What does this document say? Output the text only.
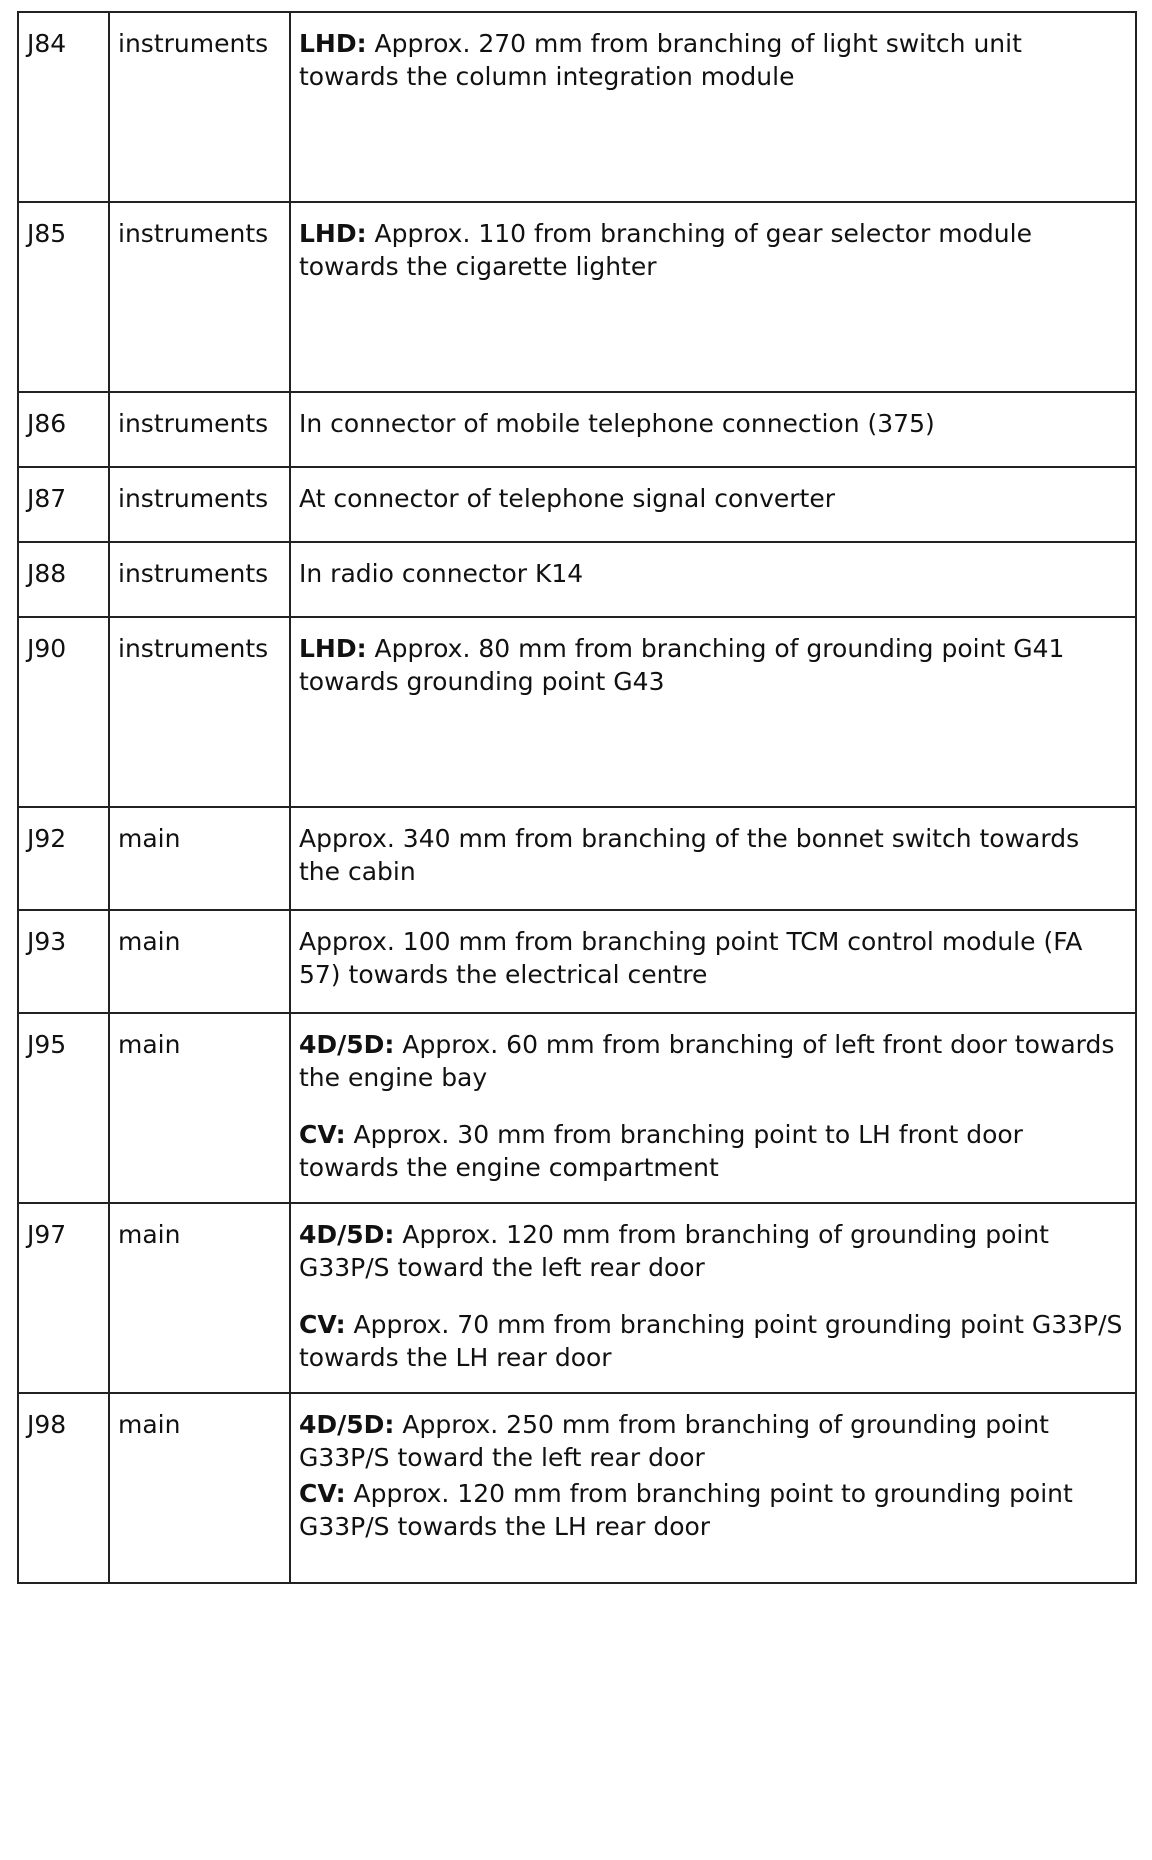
J84	instruments	LHD: Approx. 270 mm from branching of light switch unit towards the column integration module

J85	instruments	LHD: Approx. 110 from branching of gear selector module towards the cigarette lighter

J86	instruments	In connector of mobile telephone connection (375)

J87	instruments	At connector of telephone signal converter

J88	instruments	In radio connector K14

J90	instruments	LHD: Approx. 80 mm from branching of grounding point G41 towards grounding point G43

J92	main	Approx. 340 mm from branching of the bonnet switch towards the cabin

J93	main	Approx. 100 mm from branching point TCM control module (FA 57) towards the electrical centre

J95	main	4D/5D: Approx. 60 mm from branching of left front door towards the engine bay
CV: Approx. 30 mm from branching point to LH front door towards the engine compartment

J97	main	4D/5D: Approx. 120 mm from branching of grounding point G33P/S toward the left rear door
CV: Approx. 70 mm from branching point grounding point G33P/S towards the LH rear door

J98	main	4D/5D: Approx. 250 mm from branching of grounding point G33P/S toward the left rear door
CV: Approx. 120 mm from branching point to grounding point G33P/S towards the LH rear door
